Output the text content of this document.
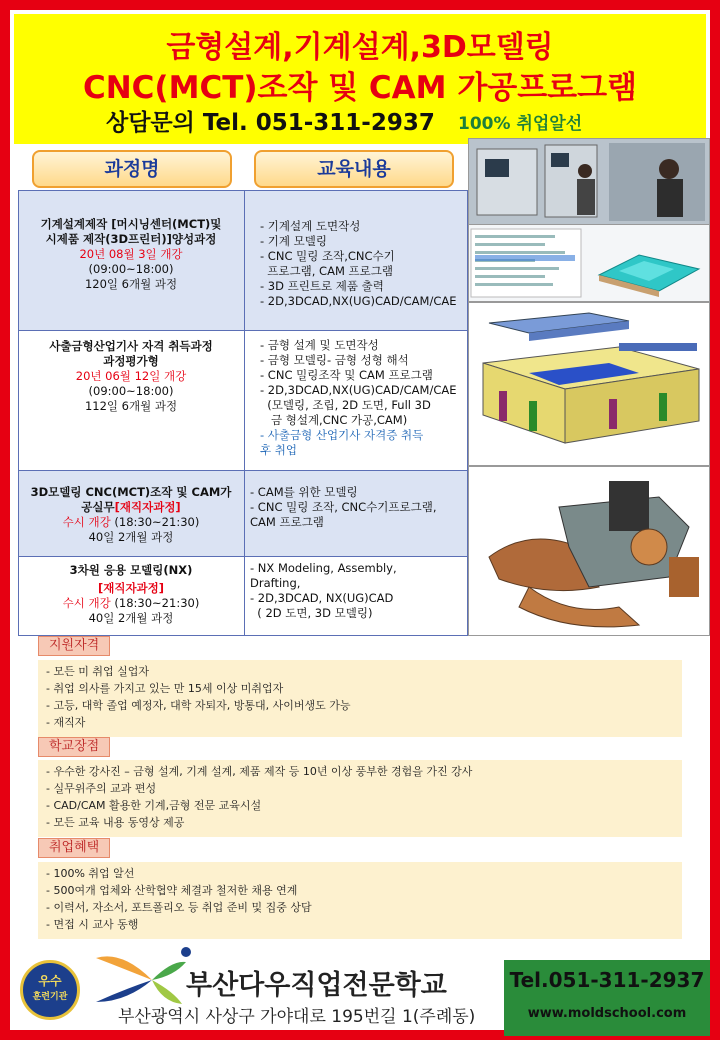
금형설계,기계설계,3D모델링
CNC(MCT)조작 및 CAM 가공프로그램
상담문의 Tel. 051-311-2937 100% 취업알선
과정명	교육내용
기계설계제작 [머시닝센터(MCT)및
시제품 제작(3D프린터)]양성과정
20년 08월 3일 개강
(09:00~18:00)
120일 6개월 과정
- 기계설계 도면작성
- 기계 모델링
- CNC 밀링 조작,CNC수기
프로그램, CAM 프로그램
- 3D 프린트로 제품 출력
- 2D,3DCAD,NX(UG)CAD/CAM/CAE
사출금형산업기사 자격 취득과정
과정평가형
20년 06월 12일 개강
(09:00~18:00)
112일 6개월 과정
- 금형 설계 및 도면작성
- 금형 모델링- 금형 성형 해석
- CNC 밀링조작 및 CAM 프로그램
- 2D,3DCAD,NX(UG)CAD/CAM/CAE
(모델링, 조립, 2D 도면, Full 3D
금 형설계,CNC 가공,CAM)
- 사출금형 산업기사 자격증 취득
후 취업
3D모델링 CNC(MCT)조작 및 CAM가
공실무[재직자과정]
수시 개강 (18:30~21:30)
40일 2개월 과정
- CAM를 위한 모델링
- CNC 밀링 조작, CNC수기프로그램,
CAM 프로그램
3차원 응용 모델링(NX)
[재직자과정]
수시 개강 (18:30~21:30)
40일 2개월 과정
- NX Modeling, Assembly,
Drafting,
- 2D,3DCAD, NX(UG)CAD
( 2D 도면, 3D 모델링)
지원자격
- 모든 미 취업 실업자
- 취업 의사를 가지고 있는 만 15세 이상 미취업자
- 고등, 대학 졸업 예정자, 대학 자퇴자, 방통대, 사이버생도 가능
- 재직자
학교장점
- 우수한 강사진 – 금형 설계, 기계 설계, 제품 제작 등 10년 이상 풍부한 경험을 가진 강사
- 실무위주의 교과 편성
- CAD/CAM 활용한 기계,금형 전문 교육시설
- 모든 교육 내용 동영상 제공
취업혜택
- 100% 취업 알선
- 500여개 업체와 산학협약 체결과 철저한 채용 연계
- 이력서, 자소서, 포트폴리오 등 취업 준비 및 집중 상담
- 면접 시 교사 동행
우수
훈련기관	부산다우직업전문학교
부산광역시 사상구 가야대로 195번길 1(주례동)
Tel.051-311-2937
www.moldschool.com
